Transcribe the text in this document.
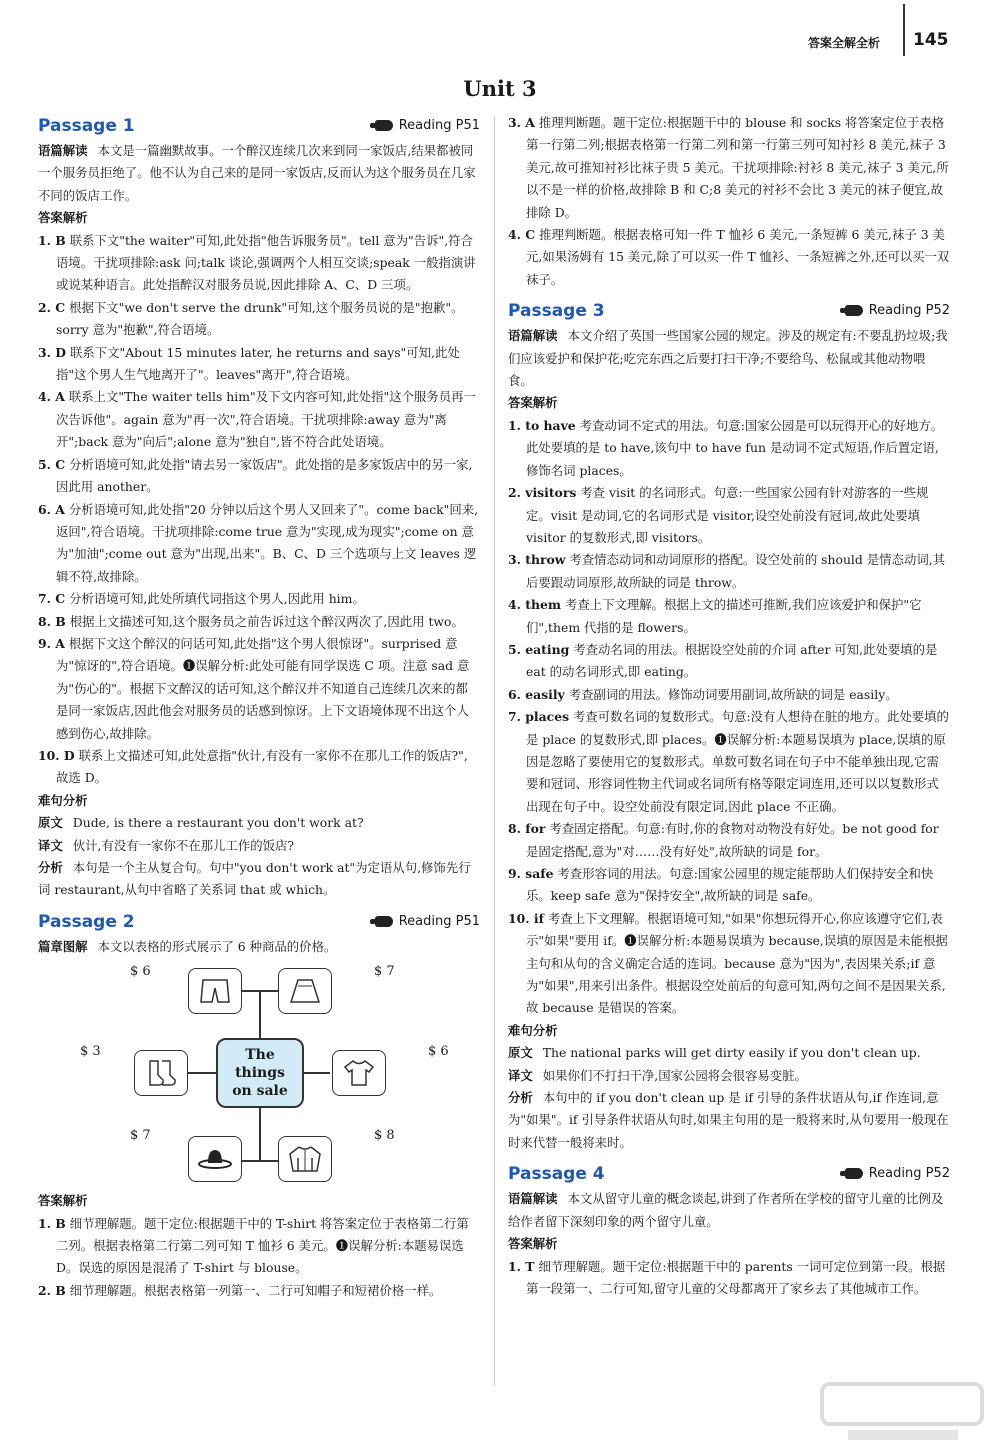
答案全解全析 145
Unit 3
Passage 1	Reading P51

语篇解读 本文是一篇幽默故事。一个醉汉连续几次来到同一家饭店,结果都被同一个服务员拒绝了。他不认为自己来的是同一家饭店,反而认为这个服务员在几家不同的饭店工作。

答案解析

1. B 联系下文"the waiter"可知,此处指"他告诉服务员"。tell 意为"告诉",符合语境。干扰项排除:ask 问;talk 谈论,强调两个人相互交谈;speak 一般指演讲或说某种语言。此处指醉汉对服务员说,因此排除 A、C、D 三项。

2. C 根据下文"we don't serve the drunk"可知,这个服务员说的是"抱歉"。sorry 意为"抱歉",符合语境。

3. D 联系下文"About 15 minutes later, he returns and says"可知,此处指"这个男人生气地离开了"。leaves"离开",符合语境。

4. A 联系上文"The waiter tells him"及下文内容可知,此处指"这个服务员再一次告诉他"。again 意为"再一次",符合语境。干扰项排除:away 意为"离开";back 意为"向后";alone 意为"独自",皆不符合此处语境。

5. C 分析语境可知,此处指"请去另一家饭店"。此处指的是多家饭店中的另一家,因此用 another。

6. A 分析语境可知,此处指"20 分钟以后这个男人又回来了"。come back"回来,返回",符合语境。干扰项排除:come true 意为"实现,成为现实";come on 意为"加油";come out 意为"出现,出来"。B、C、D 三个选项与上文 leaves 逻辑不符,故排除。

7. C 分析语境可知,此处所填代词指这个男人,因此用 him。

8. B 根据上文描述可知,这个服务员之前告诉过这个醉汉两次了,因此用 two。

9. A 根据下文这个醉汉的问话可知,此处指"这个男人很惊讶"。surprised 意为"惊讶的",符合语境。❶误解分析:此处可能有同学误选 C 项。注意 sad 意为"伤心的"。根据下文醉汉的话可知,这个醉汉并不知道自己连续几次来的都是同一家饭店,因此他会对服务员的话感到惊讶。上下文语境体现不出这个人感到伤心,故排除。

10. D 联系上文描述可知,此处意指"伙计,有没有一家你不在那儿工作的饭店?",故选 D。

难句分析

原文 Dude, is there a restaurant you don't work at?

译文 伙计,有没有一家你不在那儿工作的饭店?

分析 本句是一个主从复合句。句中"you don't work at"为定语从句,修饰先行词 restaurant,从句中省略了关系词 that 或 which。

Passage 2	Reading P51

篇章图解 本文以表格的形式展示了 6 种商品的价格。

$ 6	$ 7
$ 3	The
things
on sale
$ 6
$ 7	$ 8

答案解析

1. B 细节理解题。题干定位:根据题干中的 T-shirt 将答案定位于表格第二行第二列。根据表格第二行第二列可知 T 恤衫 6 美元。❶误解分析:本题易误选 D。误选的原因是混淆了 T-shirt 与 blouse。

2. B 细节理解题。根据表格第一列第一、二行可知帽子和短裙价格一样。

3. A 推理判断题。题干定位:根据题干中的 blouse 和 socks 将答案定位于表格第一行第二列;根据表格第一行第二列和第一行第三列可知衬衫 8 美元,袜子 3 美元,故可推知衬衫比袜子贵 5 美元。干扰项排除:衬衫 8 美元,袜子 3 美元,所以不是一样的价格,故排除 B 和 C;8 美元的衬衫不会比 3 美元的袜子便宜,故排除 D。

4. C 推理判断题。根据表格可知一件 T 恤衫 6 美元,一条短裤 6 美元,袜子 3 美元,如果汤姆有 15 美元,除了可以买一件 T 恤衫、一条短裤之外,还可以买一双袜子。

Passage 3	Reading P52

语篇解读 本文介绍了英国一些国家公园的规定。涉及的规定有:不要乱扔垃圾;我们应该爱护和保护花;吃完东西之后要打扫干净;不要给鸟、松鼠或其他动物喂食。

答案解析

1. to have 考查动词不定式的用法。句意:国家公园是可以玩得开心的好地方。此处要填的是 to have,该句中 to have fun 是动词不定式短语,作后置定语,修饰名词 places。

2. visitors 考查 visit 的名词形式。句意:一些国家公园有针对游客的一些规定。visit 是动词,它的名词形式是 visitor,设空处前没有冠词,故此处要填 visitor 的复数形式,即 visitors。

3. throw 考查情态动词和动词原形的搭配。设空处前的 should 是情态动词,其后要跟动词原形,故所缺的词是 throw。

4. them 考查上下文理解。根据上文的描述可推断,我们应该爱护和保护"它们",them 代指的是 flowers。

5. eating 考查动名词的用法。根据设空处前的介词 after 可知,此处要填的是 eat 的动名词形式,即 eating。

6. easily 考查副词的用法。修饰动词要用副词,故所缺的词是 easily。

7. places 考查可数名词的复数形式。句意:没有人想待在脏的地方。此处要填的是 place 的复数形式,即 places。❶误解分析:本题易误填为 place,误填的原因是忽略了要使用它的复数形式。单数可数名词在句子中不能单独出现,它需要和冠词、形容词性物主代词或名词所有格等限定词连用,还可以以复数形式出现在句子中。设空处前没有限定词,因此 place 不正确。

8. for 考查固定搭配。句意:有时,你的食物对动物没有好处。be not good for 是固定搭配,意为"对……没有好处",故所缺的词是 for。

9. safe 考查形容词的用法。句意:国家公园里的规定能帮助人们保持安全和快乐。keep safe 意为"保持安全",故所缺的词是 safe。

10. if 考查上下文理解。根据语境可知,"如果"你想玩得开心,你应该遵守它们,表示"如果"要用 if。❶误解分析:本题易误填为 because,误填的原因是未能根据主句和从句的含义确定合适的连词。because 意为"因为",表因果关系;if 意为"如果",用来引出条件。根据设空处前后的句意可知,两句之间不是因果关系,故 because 是错误的答案。

难句分析

原文 The national parks will get dirty easily if you don't clean up.

译文 如果你们不打扫干净,国家公园将会很容易变脏。

分析 本句中的 if you don't clean up 是 if 引导的条件状语从句,if 作连词,意为"如果"。if 引导条件状语从句时,如果主句用的是一般将来时,从句要用一般现在时来代替一般将来时。

Passage 4	Reading P52

语篇解读 本文从留守儿童的概念谈起,讲到了作者所在学校的留守儿童的比例及给作者留下深刻印象的两个留守儿童。

答案解析

1. T 细节理解题。题干定位:根据题干中的 parents 一词可定位到第一段。根据第一段第一、二行可知,留守儿童的父母都离开了家乡去了其他城市工作。
